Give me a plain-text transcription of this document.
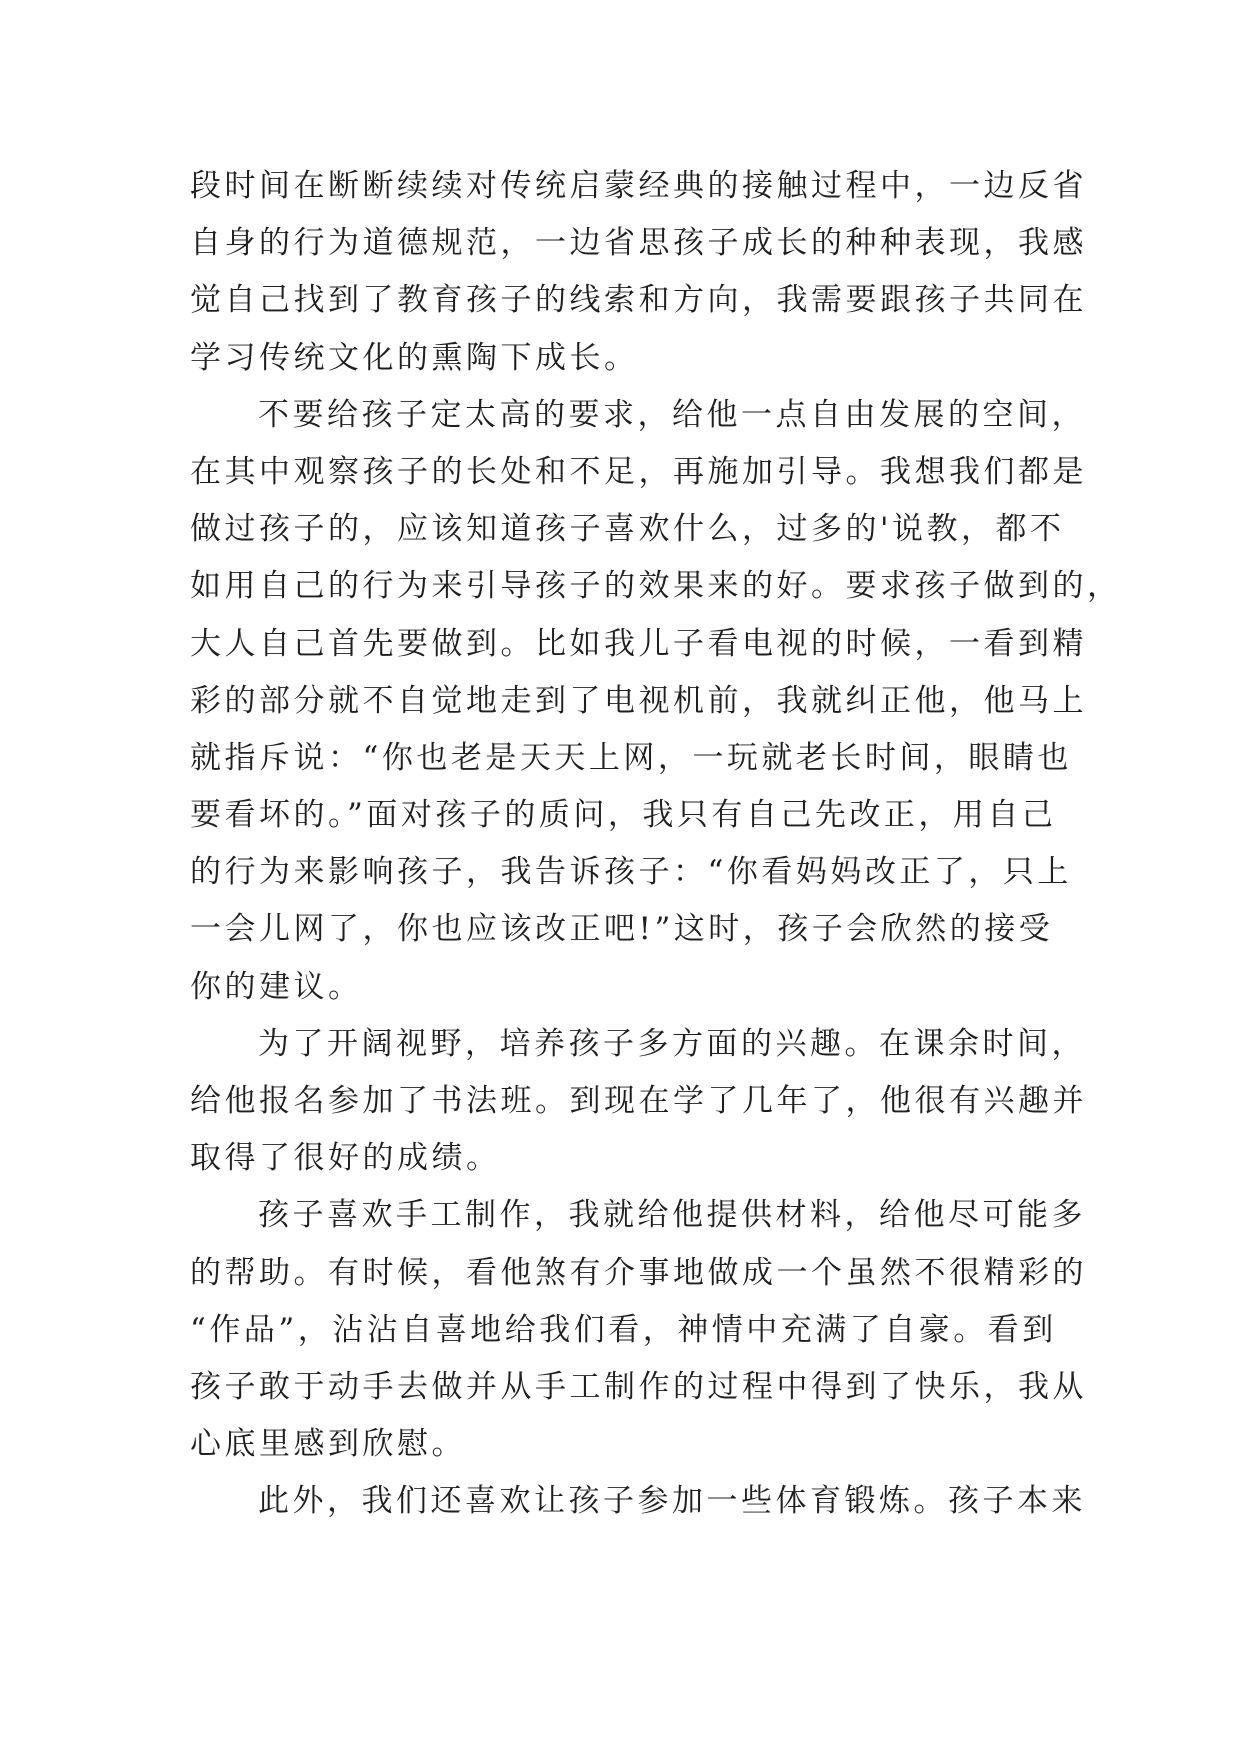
段时间在断断续续对传统启蒙经典的接触过程中，一边反省
自身的行为道德规范，一边省思孩子成长的种种表现，我感
觉自己找到了教育孩子的线索和方向，我需要跟孩子共同在
学习传统文化的熏陶下成长。
不要给孩子定太高的要求，给他一点自由发展的空间，
在其中观察孩子的长处和不足，再施加引导。我想我们都是
做过孩子的，应该知道孩子喜欢什么，过多的'说教，都不
如用自己的行为来引导孩子的效果来的好。要求孩子做到的，
大人自己首先要做到。比如我儿子看电视的时候，一看到精
彩的部分就不自觉地走到了电视机前，我就纠正他，他马上
就指斥说：“你也老是天天上网，一玩就老长时间，眼睛也
要看坏的。”面对孩子的质问，我只有自己先改正，用自己
的行为来影响孩子，我告诉孩子：“你看妈妈改正了，只上
一会儿网了，你也应该改正吧!”这时，孩子会欣然的接受
你的建议。
为了开阔视野，培养孩子多方面的兴趣。在课余时间，
给他报名参加了书法班。到现在学了几年了，他很有兴趣并
取得了很好的成绩。
孩子喜欢手工制作，我就给他提供材料，给他尽可能多
的帮助。有时候，看他煞有介事地做成一个虽然不很精彩的
“作品”，沾沾自喜地给我们看，神情中充满了自豪。看到
孩子敢于动手去做并从手工制作的过程中得到了快乐，我从
心底里感到欣慰。
此外，我们还喜欢让孩子参加一些体育锻炼。孩子本来
